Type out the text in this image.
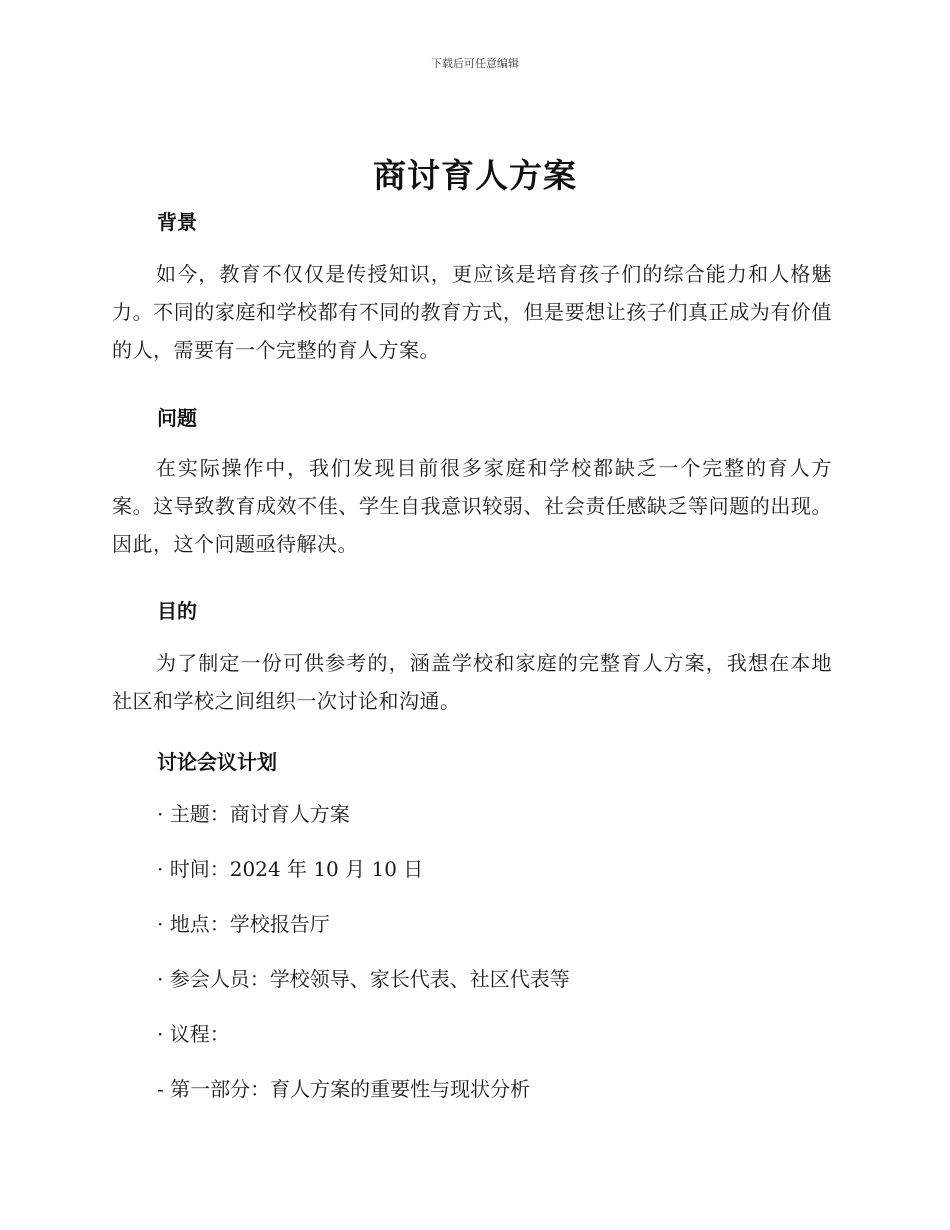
下载后可任意编辑
商讨育人方案
背景
如今，教育不仅仅是传授知识，更应该是培育孩子们的综合能力和人格魅力。不同的家庭和学校都有不同的教育方式，但是要想让孩子们真正成为有价值的人，需要有一个完整的育人方案。
问题
在实际操作中，我们发现目前很多家庭和学校都缺乏一个完整的育人方案。这导致教育成效不佳、学生自我意识较弱、社会责任感缺乏等问题的出现。因此，这个问题亟待解决。
目的
为了制定一份可供参考的，涵盖学校和家庭的完整育人方案，我想在本地社区和学校之间组织一次讨论和沟通。
讨论会议计划
· 主题：商讨育人方案
· 时间：2024 年 10 月 10 日
· 地点：学校报告厅
· 参会人员：学校领导、家长代表、社区代表等
· 议程：
- 第一部分：育人方案的重要性与现状分析
